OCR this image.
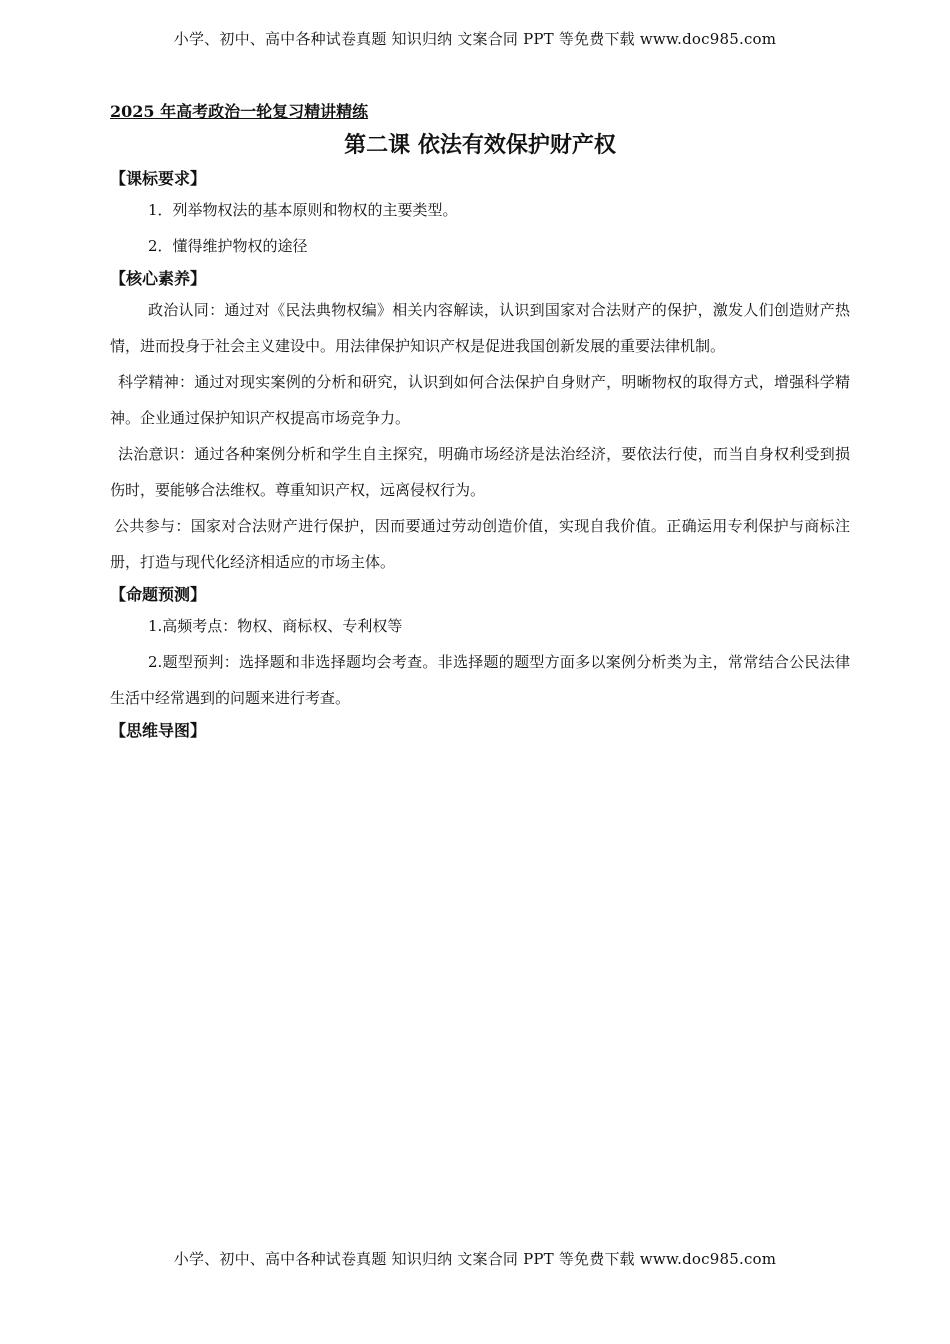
小学、初中、高中各种试卷真题 知识归纳 文案合同 PPT 等免费下载 www.doc985.com
2025 年高考政治一轮复习精讲精练
第二课 依法有效保护财产权
【课标要求】

1．列举物权法的基本原则和物权的主要类型。

2．懂得维护物权的途径

【核心素养】

政治认同：通过对《民法典物权编》相关内容解读，认识到国家对合法财产的保护，激发人们创造财产热情，进而投身于社会主义建设中。用法律保护知识产权是促进我国创新发展的重要法律机制。

科学精神：通过对现实案例的分析和研究，认识到如何合法保护自身财产，明晰物权的取得方式，增强科学精神。企业通过保护知识产权提高市场竞争力。

法治意识：通过各种案例分析和学生自主探究，明确市场经济是法治经济，要依法行使，而当自身权利受到损伤时，要能够合法维权。尊重知识产权，远离侵权行为。

公共参与：国家对合法财产进行保护，因而要通过劳动创造价值，实现自我价值。正确运用专利保护与商标注册，打造与现代化经济相适应的市场主体。

【命题预测】

1.高频考点：物权、商标权、专利权等

2.题型预判：选择题和非选择题均会考查。非选择题的题型方面多以案例分析类为主，常常结合公民法律生活中经常遇到的问题来进行考查。

【思维导图】
小学、初中、高中各种试卷真题 知识归纳 文案合同 PPT 等免费下载 www.doc985.com
